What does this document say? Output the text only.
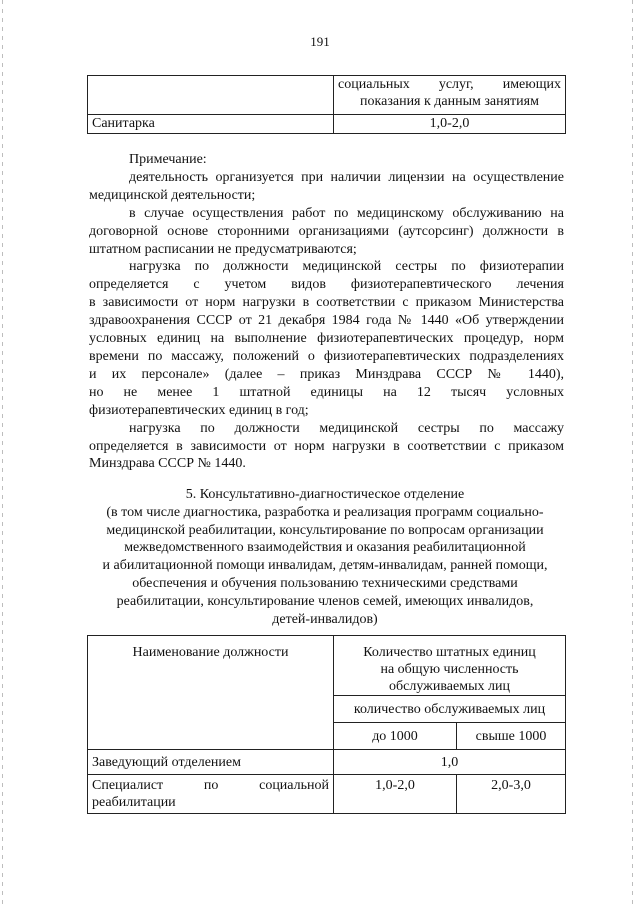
191

	социальных услуг, имеющих
показания к данным занятиям

Санитарка	1,0-2,0

Примечание:

деятельность организуется при наличии лицензии на осуществление

медицинской деятельности;

в случае осуществления работ по медицинскому обслуживанию на

договорной основе сторонними организациями (аутсорсинг) должности в

штатном расписании не предусматриваются;

нагрузка по должности медицинской сестры по физиотерапии

определяется с учетом видов физиотерапевтического лечения

в зависимости от норм нагрузки в соответствии с приказом Министерства

здравоохранения СССР от 21 декабря 1984 года № 1440 «Об утверждении

условных единиц на выполнение физиотерапевтических процедур, норм

времени по массажу, положений о физиотерапевтических подразделениях

и их персонале» (далее – приказ Минздрава СССР № 1440),

но не менее 1 штатной единицы на 12 тысяч условных

физиотерапевтических единиц в год;

нагрузка по должности медицинской сестры по массажу

определяется в зависимости от норм нагрузки в соответствии с приказом

Минздрава СССР № 1440.

5. Консультативно-диагностическое отделение
(в том числе диагностика, разработка и реализация программ социально-
медицинской реабилитации, консультирование по вопросам организации
межведомственного взаимодействия и оказания реабилитационной
и абилитационной помощи инвалидам, детям-инвалидам, ранней помощи,
обеспечения и обучения пользованию техническими средствами
реабилитации, консультирование членов семей, имеющих инвалидов,
детей-инвалидов)
Наименование должности	Количество штатных единиц
на общую численность
обслуживаемых лиц	

	количество обслуживаемых лиц	
	до 1000	свыше 1000
Заведующий отделением	1,0	

Специалист по социальной
реабилитации	1,0-2,0	2,0-3,0
